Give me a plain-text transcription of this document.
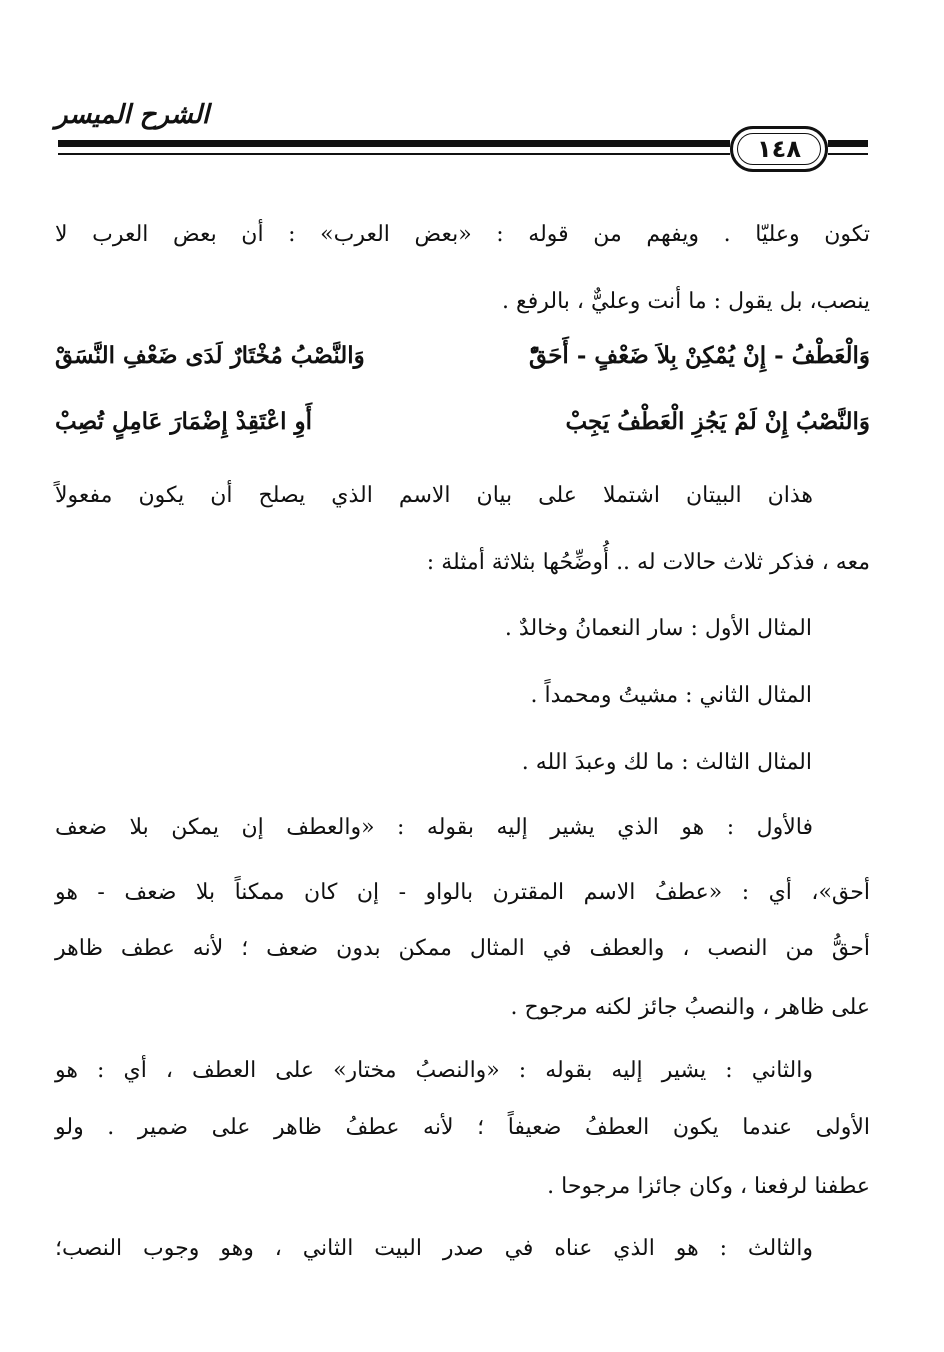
الشرح الميسر
١٤٨
تكون وعليّا . ويفهم من قوله : «بعض العرب» : أن بعض العرب لا
ينصب، بل يقول : ما أنت وعليٌّ ، بالرفع .
وَالْعَطْفُ - إِنْ يُمْكِنْ بِلاَ ضَعْفٍ - أَحَقّْ
وَالنَّصْبُ مُخْتَارٌ لَدَى ضَعْفِ النَّسَقْ
وَالنَّصْبُ إِنْ لَمْ يَجُزِ الْعَطْفُ يَجِبْ
أَوِ اعْتَقِدْ إِضْمَارَ عَامِلٍ تُصِبْ
هذان البيتان اشتملا على بيان الاسم الذي يصلح أن يكون مفعولاً
معه ، فذكر ثلاث حالات له .. أُوضِّحُها بثلاثة أمثلة :
المثال الأول : سار النعمانُ وخالدٌ .
المثال الثاني : مشيتُ ومحمداً .
المثال الثالث : ما لك وعبدَ الله .
فالأول : هو الذي يشير إليه بقوله : «والعطف إن يمكن بلا ضعف
أحق»، أي : «عطفُ الاسم المقترن بالواو - إن كان ممكناً بلا ضعف - هو
أحقُّ من النصب ، والعطف في المثال ممكن بدون ضعف ؛ لأنه عطف ظاهر
على ظاهر ، والنصبُ جائز لكنه مرجوح .
والثاني : يشير إليه بقوله : «والنصبُ مختار» على العطف ، أي : هو
الأولى عندما يكون العطفُ ضعيفاً ؛ لأنه عطفُ ظاهر على ضمير . ولو
عطفنا لرفعنا ، وكان جائزا مرجوحا .
والثالث : هو الذي عناه في صدر البيت الثاني ، وهو وجوب النصب؛
